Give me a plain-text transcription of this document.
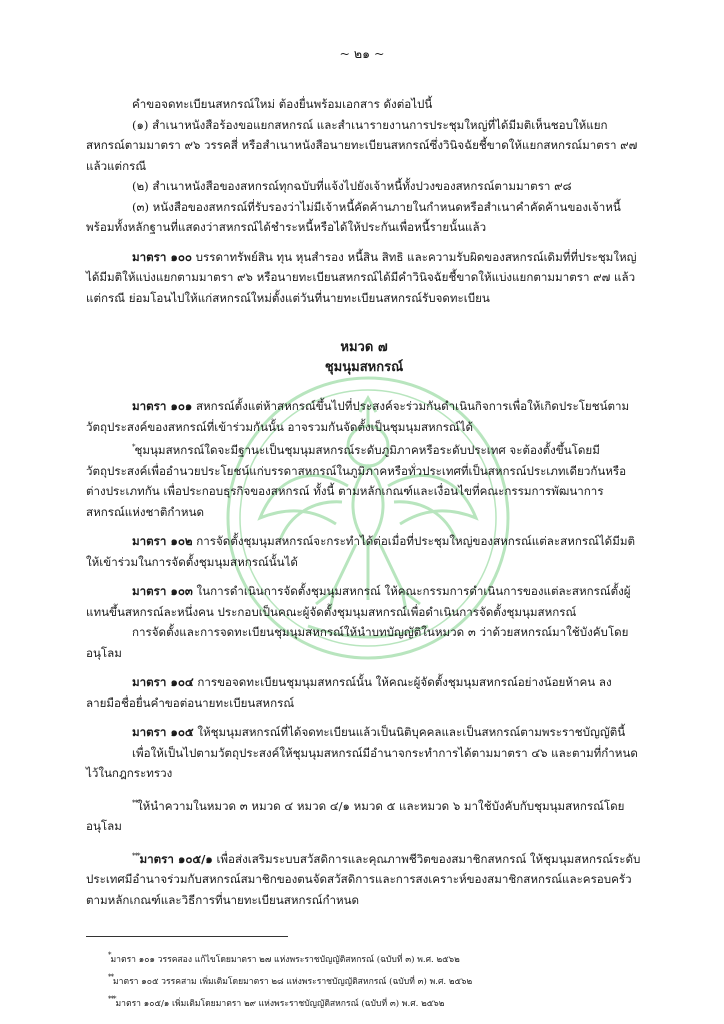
~ ๒๑ ~

คำขอจดทะเบียนสหกรณ์ใหม่ ต้องยื่นพร้อมเอกสาร ดังต่อไปนี้

(๑) สำเนาหนังสือร้องขอแยกสหกรณ์ และสำเนารายงานการประชุมใหญ่ที่ได้มีมติเห็นชอบให้แยกสหกรณ์ตามมาตรา ๙๖ วรรคสี่ หรือสำเนาหนังสือนายทะเบียนสหกรณ์ซึ่งวินิจฉัยชี้ขาดให้แยกสหกรณ์มาตรา ๙๗ แล้วแต่กรณี

(๒) สำเนาหนังสือของสหกรณ์ทุกฉบับที่แจ้งไปยังเจ้าหนี้ทั้งปวงของสหกรณ์ตามมาตรา ๙๘

(๓) หนังสือของสหกรณ์ที่รับรองว่าไม่มีเจ้าหนี้คัดค้านภายในกำหนดหรือสำเนาคำคัดค้านของเจ้าหนี้พร้อมทั้งหลักฐานที่แสดงว่าสหกรณ์ได้ชำระหนี้หรือได้ให้ประกันเพื่อหนี้รายนั้นแล้ว

มาตรา ๑๐๐ บรรดาทรัพย์สิน ทุน หุนสำรอง หนี้สิน สิทธิ และความรับผิดของสหกรณ์เดิมที่ที่ประชุมใหญ่ได้มีมติให้แบ่งแยกตามมาตรา ๙๖ หรือนายทะเบียนสหกรณ์ได้มีคำวินิจฉัยชี้ขาดให้แบ่งแยกตามมาตรา ๙๗ แล้วแต่กรณี ย่อมโอนไปให้แก่สหกรณ์ใหม่ตั้งแต่วันที่นายทะเบียนสหกรณ์รับจดทะเบียน

หมวด ๗

ชุมนุมสหกรณ์

มาตรา ๑๐๑ สหกรณ์ตั้งแต่ห้าสหกรณ์ขึ้นไปที่ประสงค์จะร่วมกันดำเนินกิจการเพื่อให้เกิดประโยชน์ตามวัตถุประสงค์ของสหกรณ์ที่เข้าร่วมกันนั้น อาจรวมกันจัดตั้งเป็นชุมนุมสหกรณ์ได้

*ชุมนุมสหกรณ์ใดจะมีฐานะเป็นชุมนุมสหกรณ์ระดับภูมิภาคหรือระดับประเทศ จะต้องตั้งขึ้นโดยมีวัตถุประสงค์เพื่ออำนวยประโยชน์แก่บรรดาสหกรณ์ในภูมิภาคหรือทั่วประเทศที่เป็นสหกรณ์ประเภทเดียวกันหรือต่างประเภทกัน เพื่อประกอบธุรกิจของสหกรณ์ ทั้งนี้ ตามหลักเกณฑ์และเงื่อนไขที่คณะกรรมการพัฒนาการสหกรณ์แห่งชาติกำหนด

มาตรา ๑๐๒ การจัดตั้งชุมนุมสหกรณ์จะกระทำได้ต่อเมื่อที่ประชุมใหญ่ของสหกรณ์แต่ละสหกรณ์ได้มีมติให้เข้าร่วมในการจัดตั้งชุมนุมสหกรณ์นั้นได้

มาตรา ๑๐๓ ในการดำเนินการจัดตั้งชุมนุมสหกรณ์ ให้คณะกรรมการดำเนินการของแต่ละสหกรณ์ตั้งผู้แทนขึ้นสหกรณ์ละหนึ่งคน ประกอบเป็นคณะผู้จัดตั้งชุมนุมสหกรณ์เพื่อดำเนินการจัดตั้งชุมนุมสหกรณ์

การจัดตั้งและการจดทะเบียนชุมนุมสหกรณ์ให้นำบทบัญญัติในหมวด ๓ ว่าด้วยสหกรณ์มาใช้บังคับโดยอนุโลม

มาตรา ๑๐๔ การขอจดทะเบียนชุมนุมสหกรณ์นั้น ให้คณะผู้จัดตั้งชุมนุมสหกรณ์อย่างน้อยห้าคน ลงลายมือชื่อยื่นคำขอต่อนายทะเบียนสหกรณ์

มาตรา ๑๐๕ ให้ชุมนุมสหกรณ์ที่ได้จดทะเบียนแล้วเป็นนิติบุคคลและเป็นสหกรณ์ตามพระราชบัญญัตินี้

เพื่อให้เป็นไปตามวัตถุประสงค์ให้ชุมนุมสหกรณ์มีอำนาจกระทำการได้ตามมาตรา ๔๖ และตามที่กำหนดไว้ในกฎกระทรวง

**ให้นำความในหมวด ๓ หมวด ๔ หมวด ๔/๑ หมวด ๕ และหมวด ๖ มาใช้บังคับกับชุมนุมสหกรณ์โดยอนุโลม

***มาตรา ๑๐๕/๑ เพื่อส่งเสริมระบบสวัสดิการและคุณภาพชีวิตของสมาชิกสหกรณ์ ให้ชุมนุมสหกรณ์ระดับประเทศมีอำนาจร่วมกับสหกรณ์สมาชิกของตนจัดสวัสดิการและการสงเคราะห์ของสมาชิกสหกรณ์และครอบครัวตามหลักเกณฑ์และวิธีการที่นายทะเบียนสหกรณ์กำหนด

*มาตรา ๑๐๑ วรรคสอง แก้ไขโดยมาตรา ๒๗ แห่งพระราชบัญญัติสหกรณ์ (ฉบับที่ ๓) พ.ศ. ๒๕๖๒
**มาตรา ๑๐๕ วรรคสาม เพิ่มเติมโดยมาตรา ๒๘ แห่งพระราชบัญญัติสหกรณ์ (ฉบับที่ ๓) พ.ศ. ๒๕๖๒
***มาตรา ๑๐๕/๑ เพิ่มเติมโดยมาตรา ๒๙ แห่งพระราชบัญญัติสหกรณ์ (ฉบับที่ ๓) พ.ศ. ๒๕๖๒
